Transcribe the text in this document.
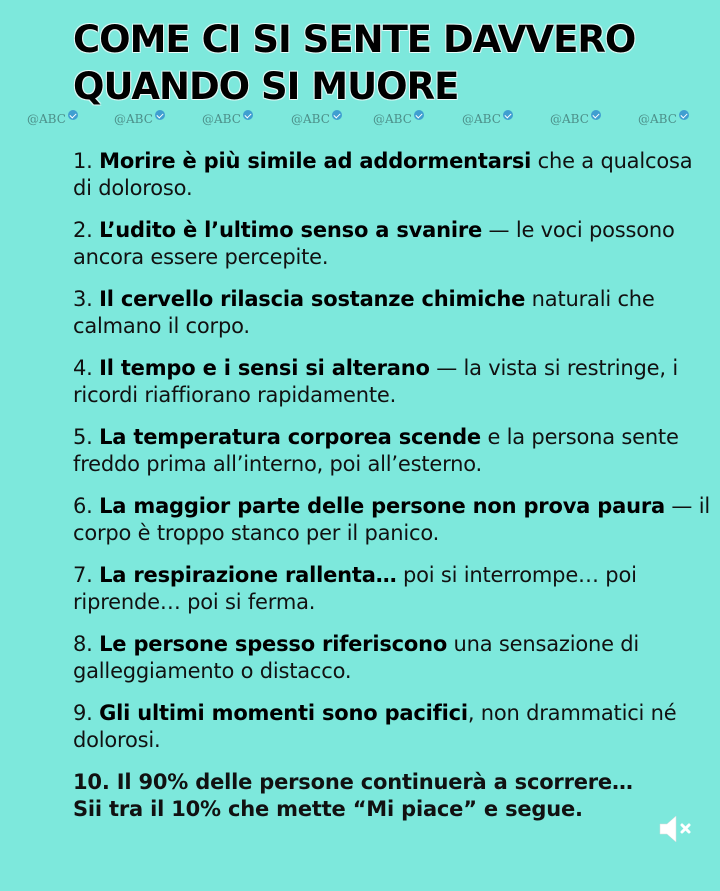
COME CI SI SENTE DAVVERO
QUANDO SI MUORE
@ABC	@ABC	@ABC	@ABC	@ABC	@ABC	@ABC	@ABC
1. Morire è più simile ad addormentarsi che a qualcosa di doloroso.
2. L’udito è l’ultimo senso a svanire — le voci possono ancora essere percepite.
3. Il cervello rilascia sostanze chimiche naturali che calmano il corpo.
4. Il tempo e i sensi si alterano — la vista si restringe, i ricordi riaffiorano rapidamente.
5. La temperatura corporea scende e la persona sente freddo prima all’interno, poi all’esterno.
6. La maggior parte delle persone non prova paura — il corpo è troppo stanco per il panico.
7. La respirazione rallenta… poi si interrompe… poi riprende… poi si ferma.
8. Le persone spesso riferiscono una sensazione di galleggiamento o distacco.
9. Gli ultimi momenti sono pacifici, non drammatici né dolorosi.
10. Il 90% delle persone continuerà a scorrere…
Sii tra il 10% che mette “Mi piace” e segue.
